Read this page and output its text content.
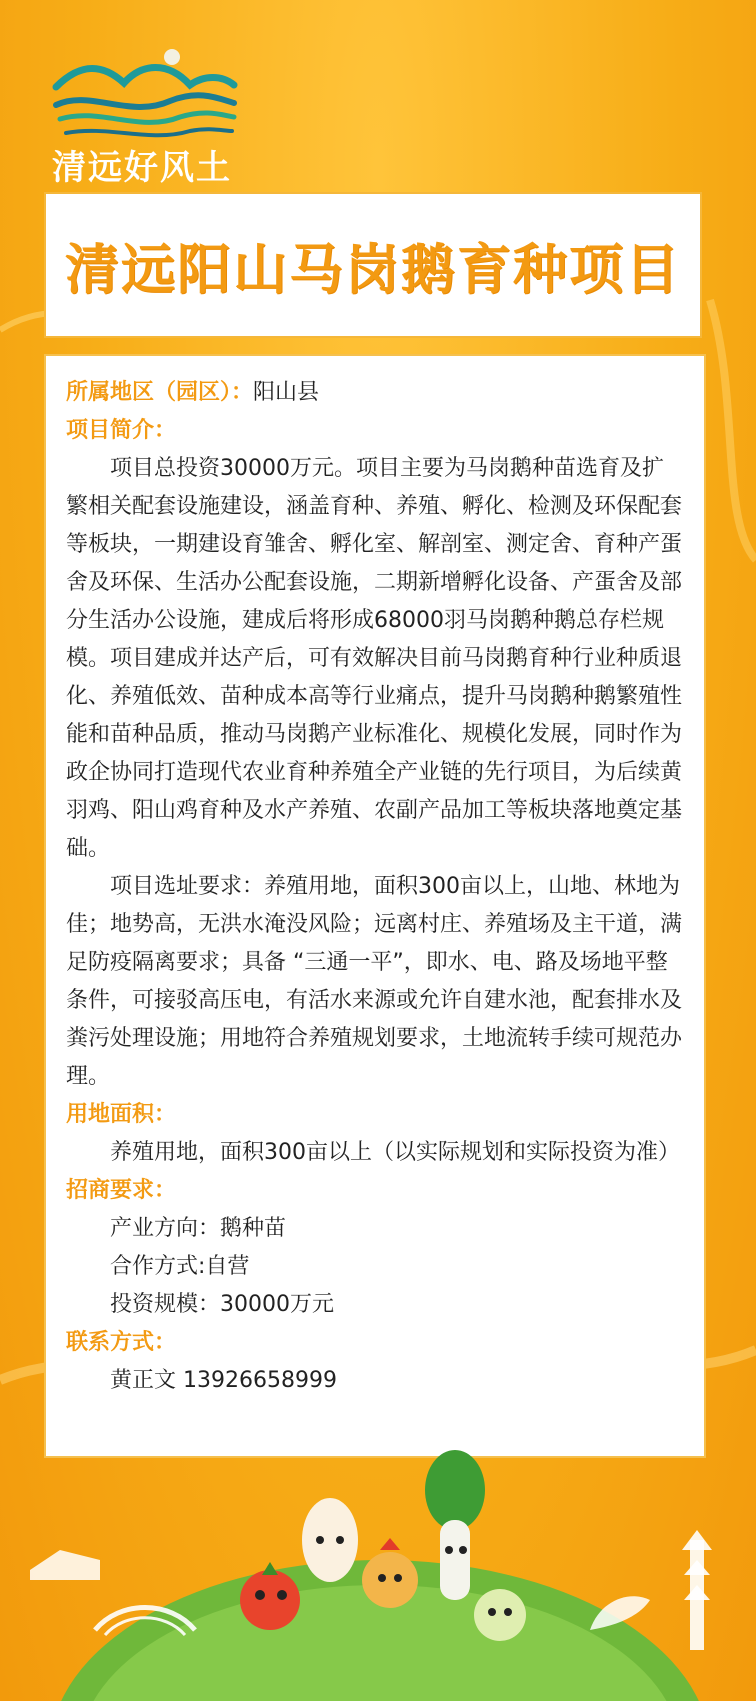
清远好风土
清远阳山马岗鹅育种项目

所属地区（园区）：阳山县

项目简介：

项目总投资30000万元。项目主要为马岗鹅种苗选育及扩繁相关配套设施建设，涵盖育种、养殖、孵化、检测及环保配套等板块，一期建设育雏舍、孵化室、解剖室、测定舍、育种产蛋舍及环保、生活办公配套设施，二期新增孵化设备、产蛋舍及部分生活办公设施，建成后将形成68000羽马岗鹅种鹅总存栏规模。项目建成并达产后，可有效解决目前马岗鹅育种行业种质退化、养殖低效、苗种成本高等行业痛点，提升马岗鹅种鹅繁殖性能和苗种品质，推动马岗鹅产业标准化、规模化发展，同时作为政企协同打造现代农业育种养殖全产业链的先行项目，为后续黄羽鸡、阳山鸡育种及水产养殖、农副产品加工等板块落地奠定基础。

项目选址要求：养殖用地，面积300亩以上，山地、林地为佳；地势高，无洪水淹没风险；远离村庄、养殖场及主干道，满足防疫隔离要求；具备 “三通一平”，即水、电、路及场地平整条件，可接驳高压电，有活水来源或允许自建水池，配套排水及粪污处理设施；用地符合养殖规划要求，土地流转手续可规范办理。

用地面积：

养殖用地，面积300亩以上（以实际规划和实际投资为准）

招商要求：

产业方向：鹅种苗

合作方式:自营

投资规模：30000万元

联系方式：

黄正文 13926658999
